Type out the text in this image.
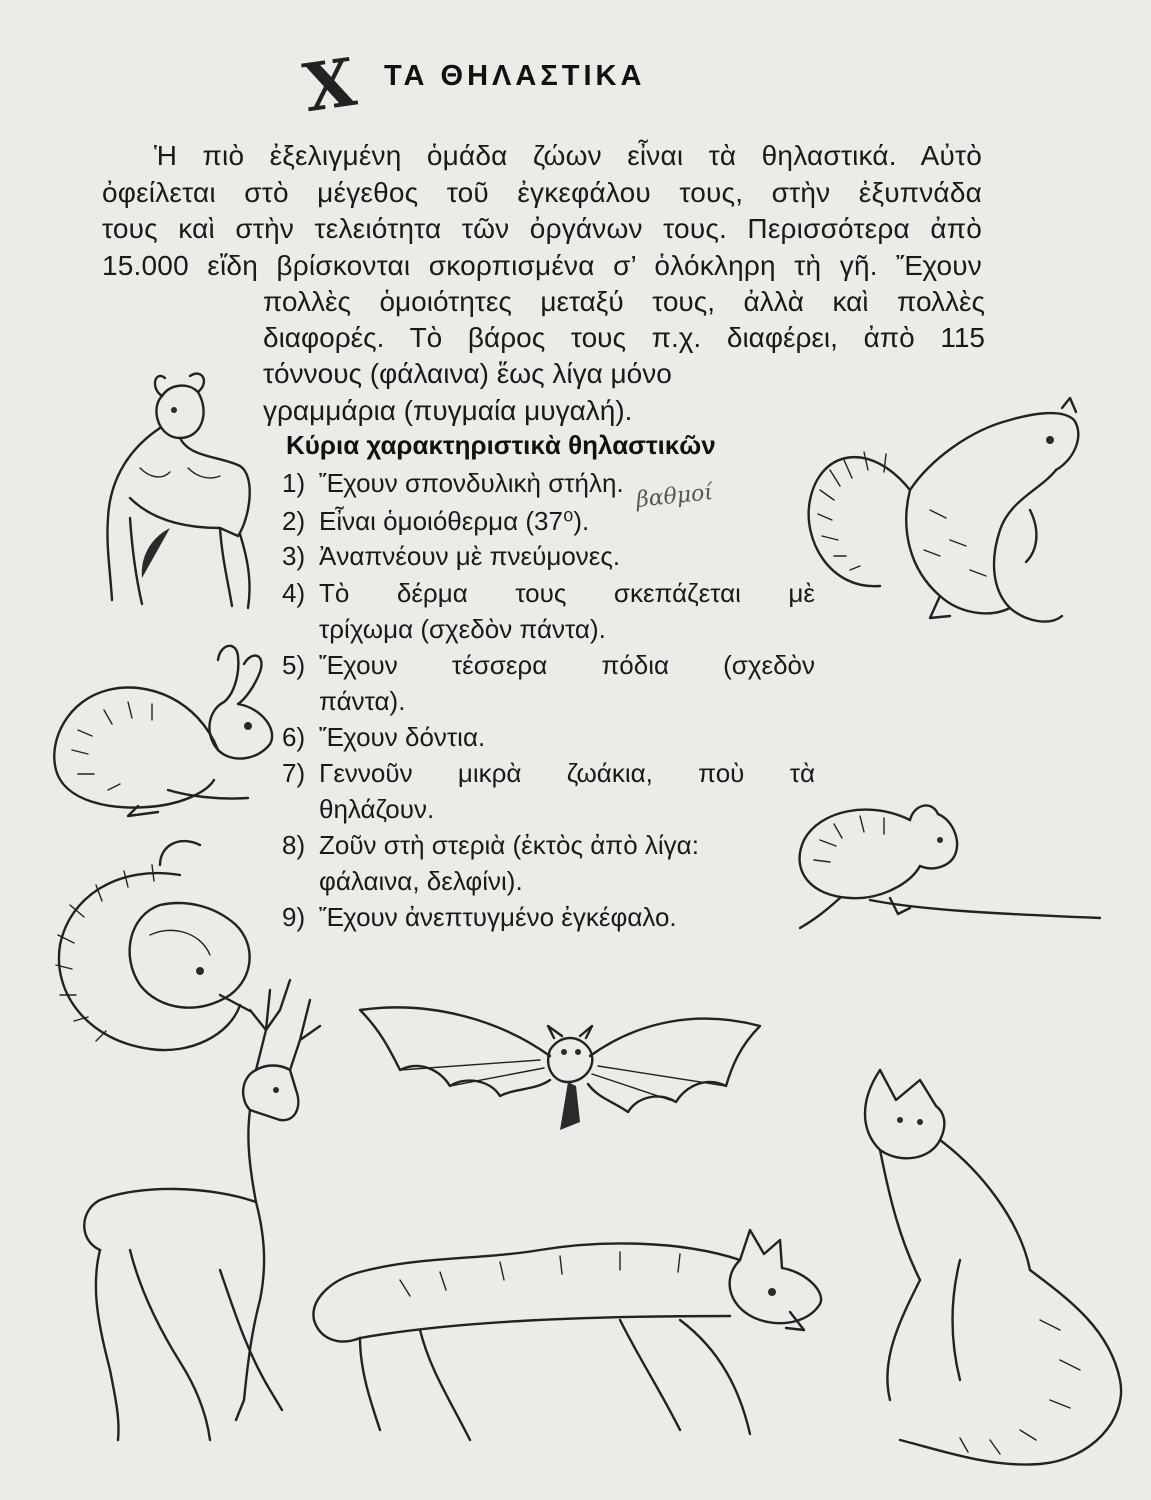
X ΤΑ ΘΗΛΑΣΤΙΚΑ
Ἡ πιὸ ἐξελιγμένη ὁμάδα ζώων εἶναι τὰ θηλαστικά. Αὐτὸ
ὀφείλεται στὸ μέγεθος τοῦ ἐγκεφάλου τους, στὴν ἐξυπνάδα
τους καὶ στὴν τελειότητα τῶν ὀργάνων τους. Περισσότερα ἀπὸ
15.000 εἴδη βρίσκονται σκορπισμένα σ’ ὁλόκληρη τὴ γῆ. Ἔχουν
πολλὲς ὁμοιότητες μεταξύ τους, ἀλλὰ καὶ πολλὲς
διαφορές. Τὸ βάρος τους π.χ. διαφέρει, ἀπὸ 115
τόννους (φάλαινα) ἕως λίγα μόνο
γραμμάρια (πυγμαία μυγαλή).
Κύρια χαρακτηριστικὰ θηλαστικῶν
1) Ἔχουν σπονδυλικὴ στήλη.
2) Εἶναι ὁμοιόθερμα (37⁰).
3) Ἀναπνέουν μὲ πνεύμονες.
4) Τὸ δέρμα τους σκεπάζεται μὲ
τρίχωμα (σχεδὸν πάντα).
5) Ἔχουν τέσσερα πόδια (σχεδὸν
πάντα).
6) Ἔχουν δόντια.
7) Γεννοῦν μικρὰ ζωάκια, ποὺ τὰ
θηλάζουν.
8) Ζοῦν στὴ στεριὰ (ἐκτὸς ἀπὸ λίγα:
φάλαινα, δελφίνι).
9) Ἔχουν ἀνεπτυγμένο ἐγκέφαλο.
βαθμοί
